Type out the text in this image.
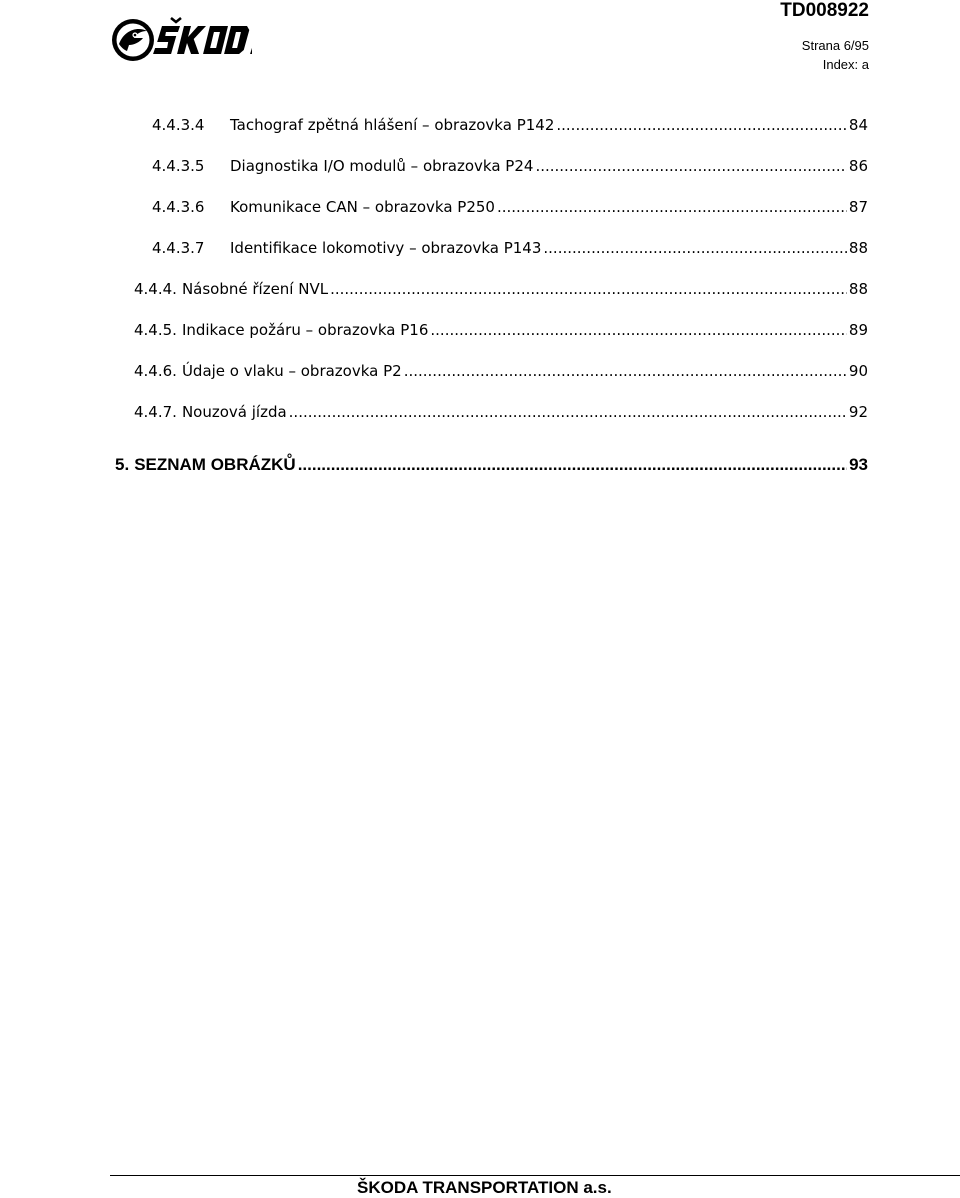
TD008922
Strana 6/95
Index: a
4.4.3.4	Tachograf zpětná hlášení – obrazovka P142 .....	84
4.4.3.5	Diagnostika I/O modulů – obrazovka P24 .....	86
4.4.3.6	Komunikace CAN – obrazovka P250 .....	87
4.4.3.7	Identifikace lokomotivy – obrazovka P143 .....	88
4.4.4. Násobné řízení NVL .....	88
4.4.5. Indikace požáru – obrazovka P16 .....	89
4.4.6. Údaje o vlaku – obrazovka P2 .....	90
4.4.7. Nouzová jízda .....	92
5. SEZNAM OBRÁZKŮ .....	93
ŠKODA TRANSPORTATION a.s.
